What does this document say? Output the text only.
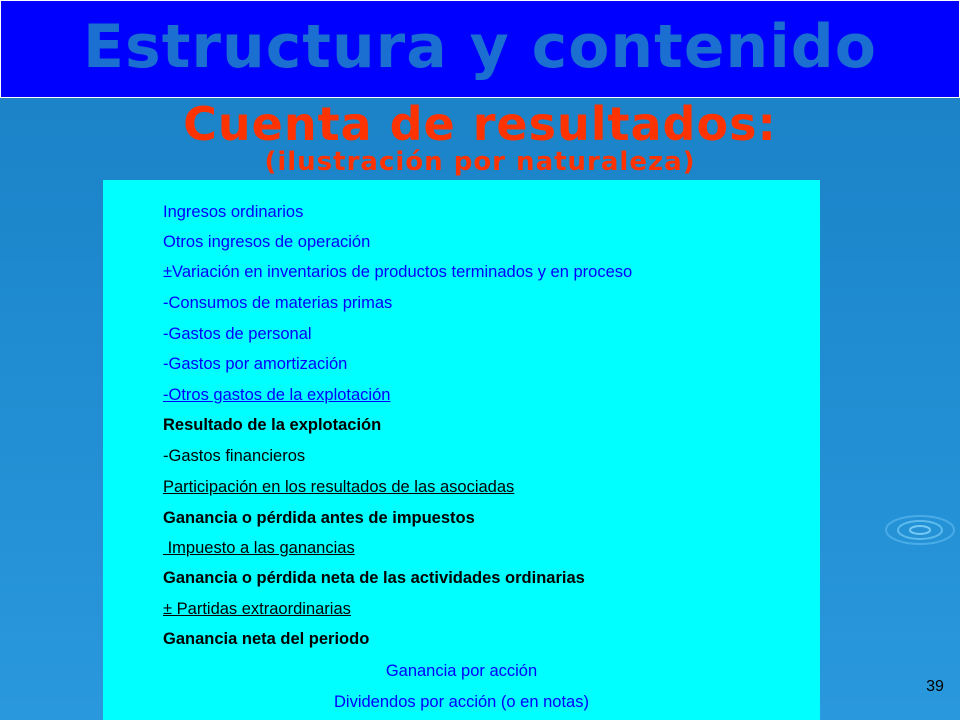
Estructura y contenido
Cuenta de resultados:
(ilustración por naturaleza)
Ingresos ordinarios
Otros ingresos de operación
±Variación en inventarios de productos terminados y en proceso
-Consumos de materias primas
-Gastos de personal
-Gastos por amortización
-Otros gastos de la explotación
Resultado de la explotación
-Gastos financieros
Participación en los resultados de las asociadas
Ganancia o pérdida antes de impuestos
Impuesto a las ganancias
Ganancia o pérdida neta de las actividades ordinarias
± Partidas extraordinarias
Ganancia neta del periodo
Ganancia por acción
Dividendos por acción (o en notas)
39
